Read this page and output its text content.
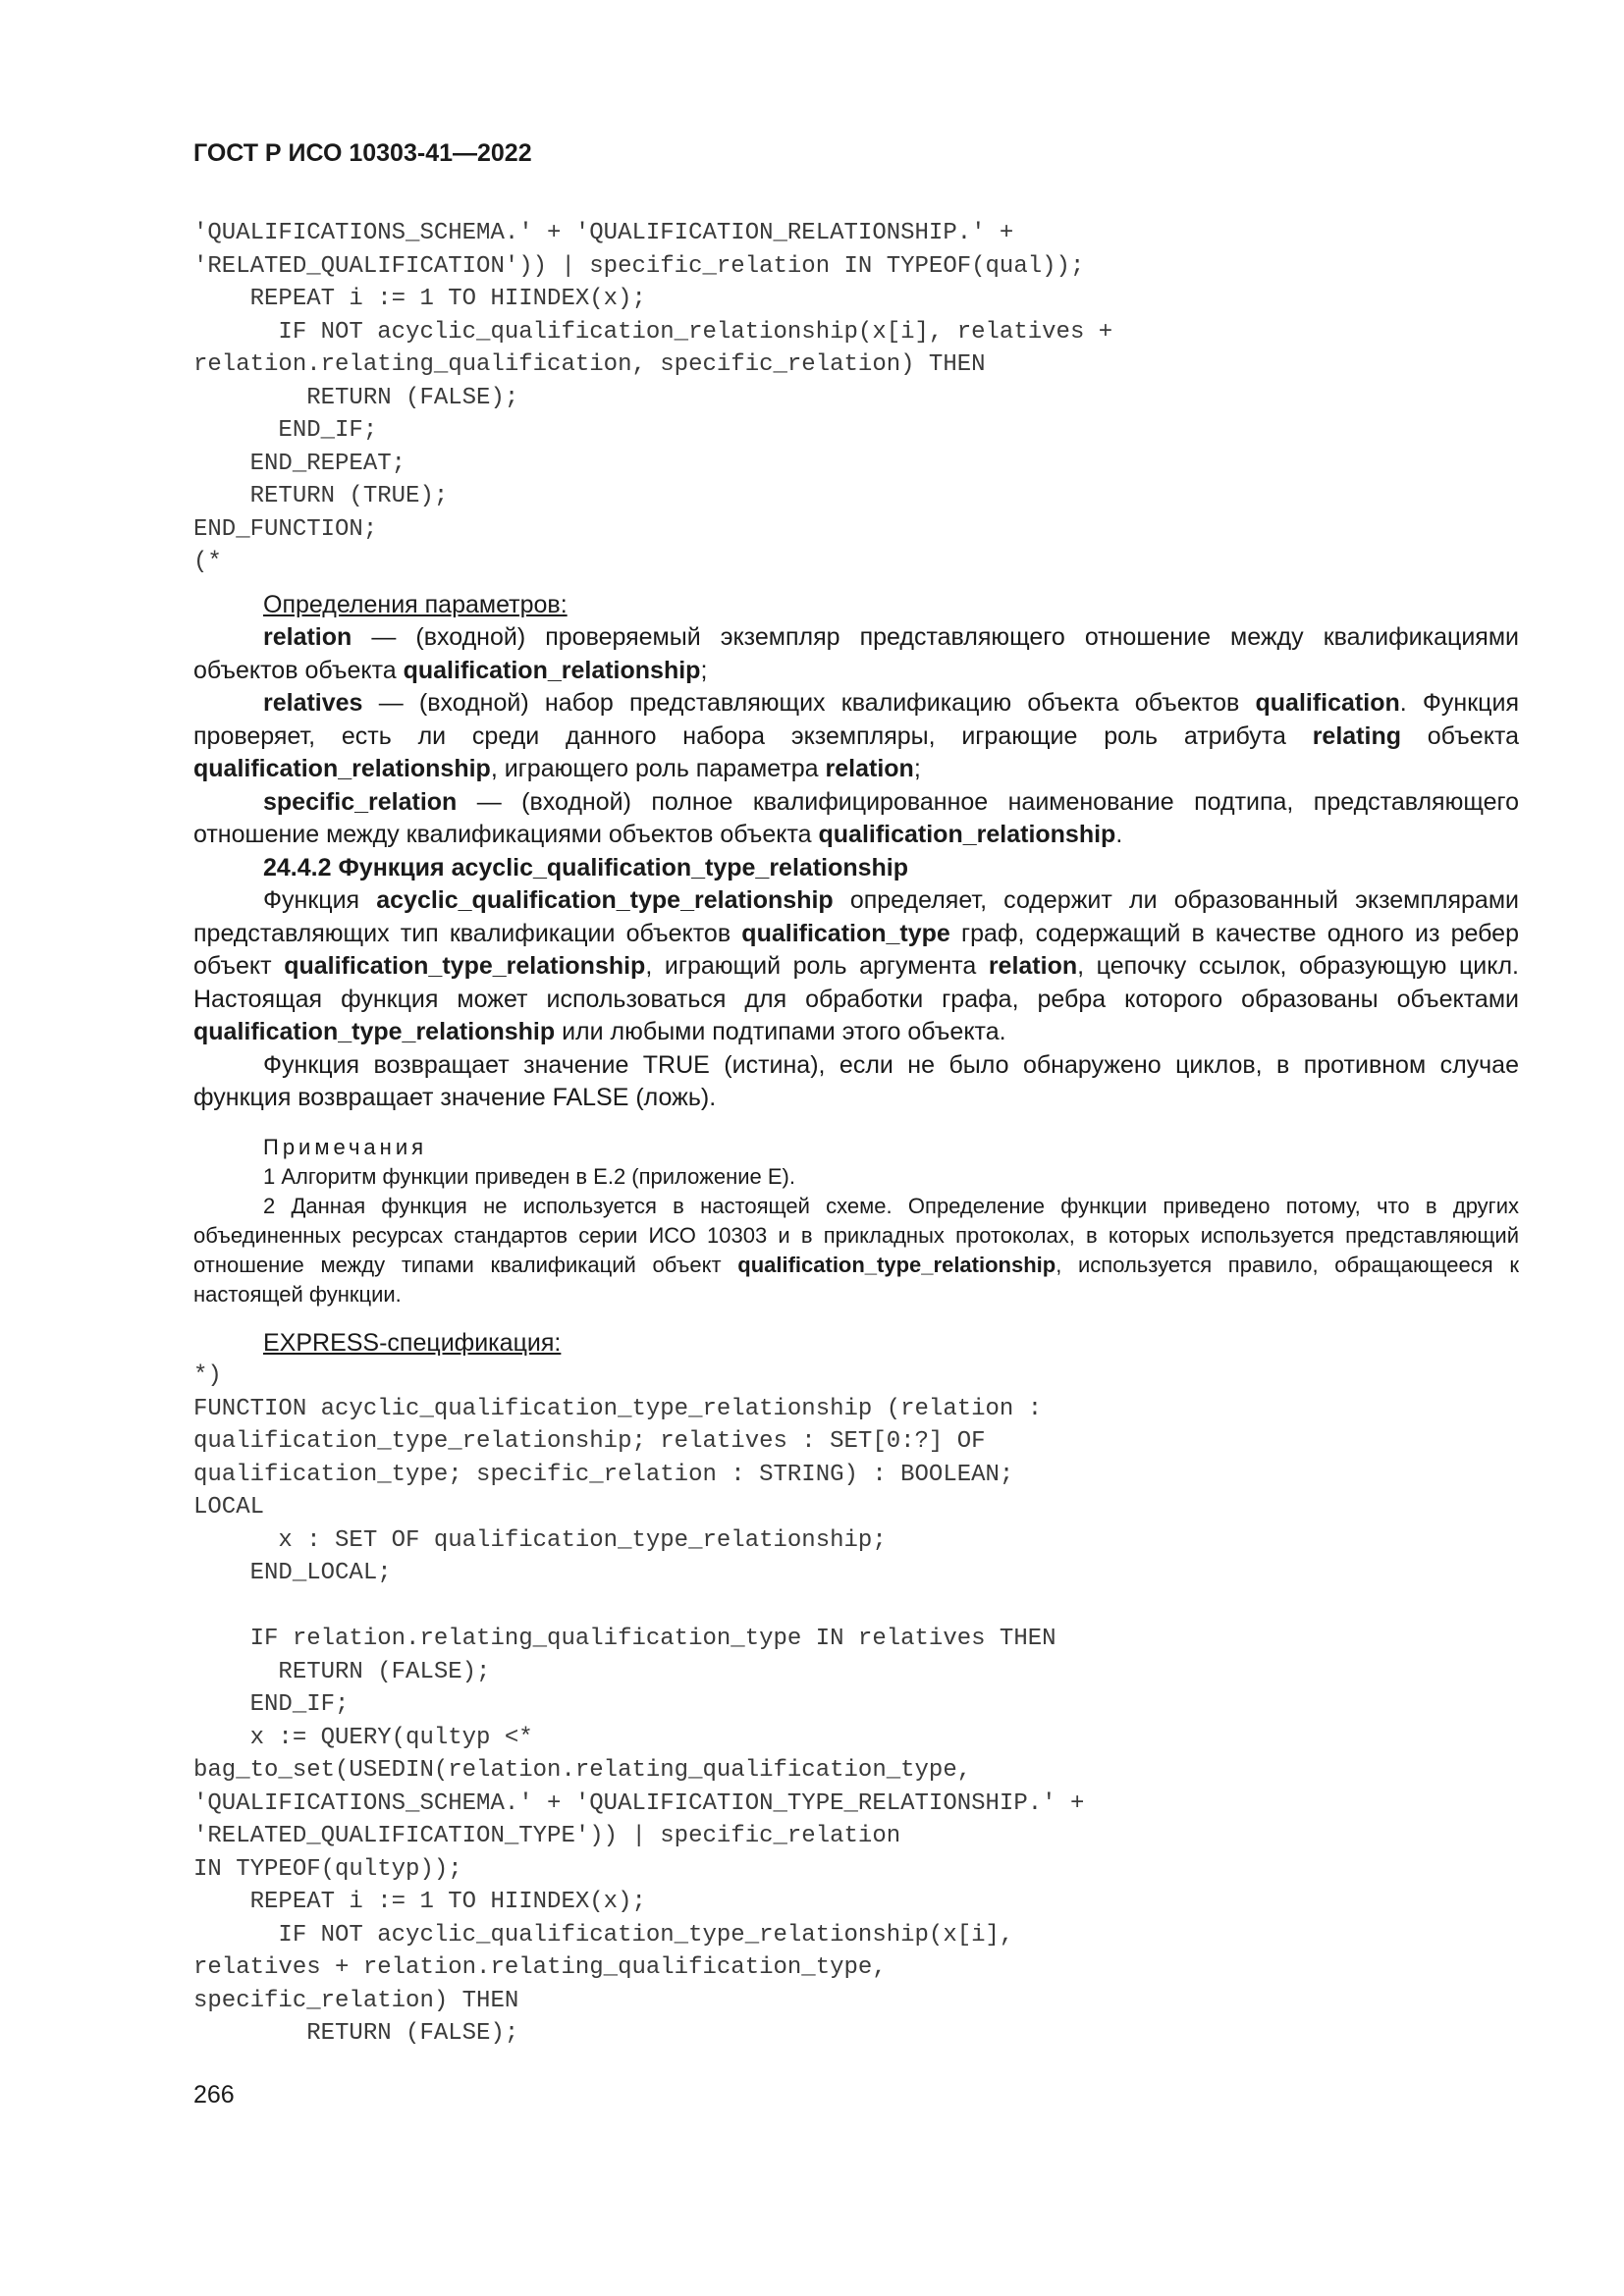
ГОСТ Р ИСО 10303-41—2022
'QUALIFICATIONS_SCHEMA.' + 'QUALIFICATION_RELATIONSHIP.' +
'RELATED_QUALIFICATION')) | specific_relation IN TYPEOF(qual));
REPEAT i := 1 TO HIINDEX(x);
IF NOT acyclic_qualification_relationship(x[i], relatives +
relation.relating_qualification, specific_relation) THEN
RETURN (FALSE);
END_IF;
END_REPEAT;
RETURN (TRUE);
END_FUNCTION;
(*

Определения параметров:

relation — (входной) проверяемый экземпляр представляющего отношение между квалификациями объектов объекта qualification_relationship;

relatives — (входной) набор представляющих квалификацию объекта объектов qualification. Функция проверяет, есть ли среди данного набора экземпляры, играющие роль атрибута relating объекта qualification_relationship, играющего роль параметра relation;

specific_relation — (входной) полное квалифицированное наименование подтипа, представляющего отношение между квалификациями объектов объекта qualification_relationship.

24.4.2 Функция acyclic_qualification_type_relationship

Функция acyclic_qualification_type_relationship определяет, содержит ли образованный экземплярами представляющих тип квалификации объектов qualification_type граф, содержащий в качестве одного из ребер объект qualification_type_relationship, играющий роль аргумента relation, цепочку ссылок, образующую цикл. Настоящая функция может использоваться для обработки графа, ребра которого образованы объектами qualification_type_relationship или любыми подтипами этого объекта.

Функция возвращает значение TRUE (истина), если не было обнаружено циклов, в противном случае функция возвращает значение FALSE (ложь).

Примечания

1 Алгоритм функции приведен в E.2 (приложение E).

2 Данная функция не используется в настоящей схеме. Определение функции приведено потому, что в других объединенных ресурсах стандартов серии ИСО 10303 и в прикладных протоколах, в которых используется представляющий отношение между типами квалификаций объект qualification_type_relationship, используется правило, обращающееся к настоящей функции.

EXPRESS-спецификация:

*)
FUNCTION acyclic_qualification_type_relationship (relation :
qualification_type_relationship; relatives : SET[0:?] OF
qualification_type; specific_relation : STRING) : BOOLEAN;
LOCAL
x : SET OF qualification_type_relationship;
END_LOCAL;

IF relation.relating_qualification_type IN relatives THEN
RETURN (FALSE);
END_IF;
x := QUERY(qultyp <*
bag_to_set(USEDIN(relation.relating_qualification_type,
'QUALIFICATIONS_SCHEMA.' + 'QUALIFICATION_TYPE_RELATIONSHIP.' +
'RELATED_QUALIFICATION_TYPE')) | specific_relation
IN TYPEOF(qultyp));
REPEAT i := 1 TO HIINDEX(x);
IF NOT acyclic_qualification_type_relationship(x[i],
relatives + relation.relating_qualification_type,
specific_relation) THEN
RETURN (FALSE);
266
